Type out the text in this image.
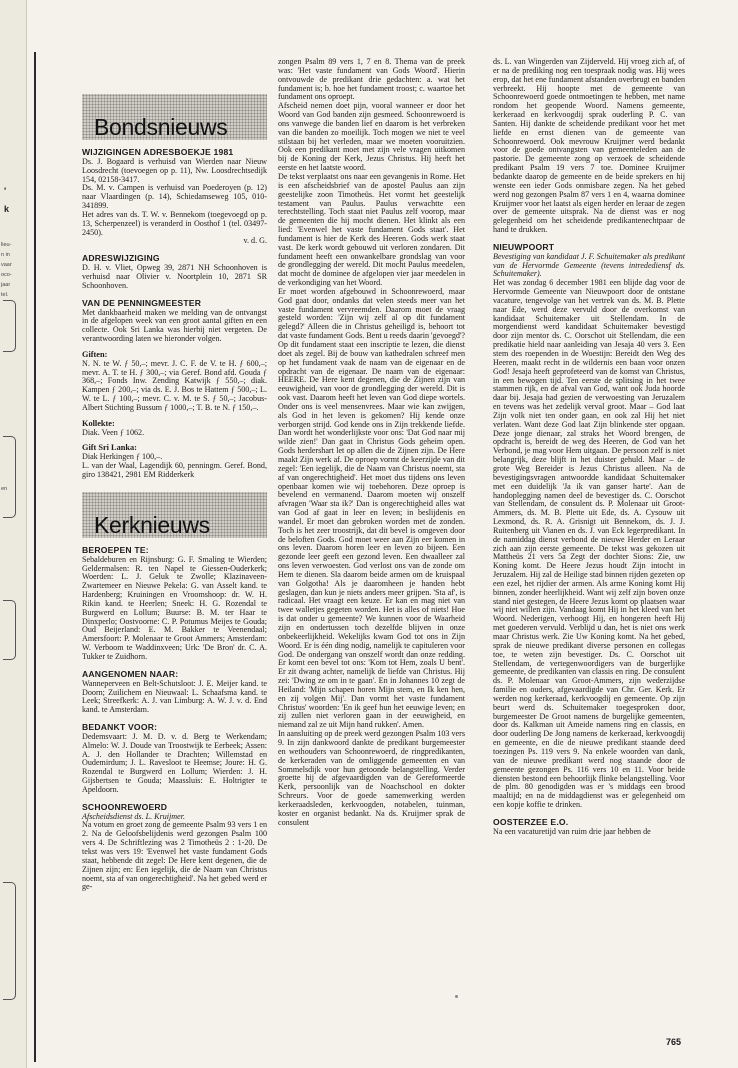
'
k
lieu-
n in
vaar
oco-
jaar
tel.
en
Bondsnieuws
WIJZIGINGEN ADRESBOEKJE 1981

Ds. J. Bogaard is verhuisd van Wierden naar Nieuw Loosdrecht (toevoegen op p. 11), Nw. Loosdrechtsedijk 154, 02158-3417.

Ds. M. v. Campen is verhuisd van Poederoyen (p. 12) naar Vlaardingen (p. 14), Schiedamseweg 105, 010-341899.

Het adres van ds. T. W. v. Bennekom (toegevoegd op p. 13, Scherpenzeel) is veranderd in Oosthof 1 (tel. 03497-2450).

v. d. G.

ADRESWIJZIGING

D. H. v. Vliet, Opweg 39, 2871 NH Schoonhoven is verhuisd naar Olivier v. Noortplein 10, 2871 SR Schoonhoven.

VAN DE PENNINGMEESTER

Met dankbaarheid maken we melding van de ontvangst in de afgelopen week van een groot aantal giften en een collecte. Ook Sri Lanka was hierbij niet vergeten. De verantwoording laten we hieronder volgen.

Giften:

N. N. te W. ƒ 50,–; mevr. J. C. F. de V. te H. ƒ 600,–; mevr. A. T. te H. ƒ 300,–; via Geref. Bond afd. Gouda ƒ 368,–; Fonds Inw. Zending Katwijk ƒ 550,–; diak. Kampen ƒ 200,–; via ds. E. J. Bos te Hattem ƒ 500,–; L. W. te L. ƒ 100,–; mevr. C. v. M. te S. ƒ 50,–; Jacobus-Albert Stichting Bussum ƒ 1000,–; T. B. te N. ƒ 150,–.

Kollekte:

Diak. Veen ƒ 1062.

Gift Sri Lanka:

Diak Herkingen ƒ 100,–.

L. van der Waal, Lagendijk 60, penningm. Geref. Bond, giro 138421, 2981 EM Ridderkerk

Kerknieuws
BEROEPEN TE:

Sebaldeburen en Rijnsburg: G. F. Smaling te Wierden; Geldermalsen: R. ten Napel te Giessen-Ouderkerk; Woerden: L. J. Geluk te Zwolle; Klazinaveen-Zwartemeer en Nieuwe Pekela: G. van Asselt kand. te Hardenberg; Kruiningen en Vroomshoop: dr. W. H. Rikin kand. te Heerlen; Sneek: H. G. Rozendal te Burgwerd en Lollum; Buurse: B. M. ter Haar te Dinxperlo; Oostvoorne: C. P. Potumus Meijes te Gouda; Oud Beijerland: E. M. Bakker te Veenendaal; Amersfoort: P. Molenaar te Groot Ammers; Amsterdam: W. Verboom te Waddinxveen; Urk: 'De Bron' dr. C. A. Tukker te Zuidhorn.

AANGENOMEN NAAR:

Wanneperveen en Belt-Schutsloot: J. E. Meijer kand. te Doorn; Zuilichem en Nieuwaal: L. Schaafsma kand. te Leek; Streefkerk: A. J. van Limburg: A. W. J. v. d. End kand. te Amsterdam.

BEDANKT VOOR:

Dedemsvaart: J. M. D. v. d. Berg te Werkendam; Almelo: W. J. Doude van Troostwijk te Eerbeek; Assen: A. J. den Hollander te Drachten; Willemstad en Oudemirdum; J. L. Ravesloot te Heemse; Joure: H. G. Rozendal te Burgwerd en Lollum; Wierden: J. H. Gijsbertsen te Gouda; Maassluis: E. Holtrigter te Apeldoorn.

SCHOONREWOERD

Afscheidsdienst ds. L. Kruijmer.

Na votum en groet zong de gemeente Psalm 93 vers 1 en 2. Na de Geloofsbelijdenis werd gezongen Psalm 100 vers 4. De Schriftlezing was 2 Timotheüs 2 : 1-20. De tekst was vers 19: 'Evenwel het vaste fundament Gods staat, hebbende dit zegel: De Here kent degenen, die de Zijnen zijn; en: Een iegelijk, die de Naam van Christus noemt, sta af van ongerechtigheid'. Na het gebed werd er ge-

zongen Psalm 89 vers 1, 7 en 8. Thema van de preek was: 'Het vaste fundament van Gods Woord'. Hierin ontvouwde de predikant drie gedachten: a. wat het fundament is; b. hoe het fundament troost; c. waartoe het fundament ons oproept.

Afscheid nemen doet pijn, vooral wanneer er door het Woord van God banden zijn gesmeed. Schoonrewoerd is ons vanwege die banden lief en daarom is het verbreken van die banden zo moeilijk. Toch mogen we niet te veel stilstaan bij het verleden, maar we moeten vooruitzien. Ook een predikant moet met zijn vele vragen uitkomen bij de Koning der Kerk, Jezus Christus. Hij heeft het eerste en het laatste woord.

De tekst verplaatst ons naar een gevangenis in Rome. Het is een afscheidsbrief van de apostel Paulus aan zijn geestelijke zoon Timotheüs. Het vormt het geestelijk testament van Paulus. Paulus verwachtte een terechtstelling. Toch staat niet Paulus zelf voorop, maar de gemeenten die hij mocht dienen. Het klinkt als een lied: 'Evenwel het vaste fundament Gods staat'. Het fundament is hier de Kerk des Heeren. Gods werk staat vast. De kerk wordt gebouwd uit verloren zondaren. Dit fundament heeft een onwankelbare grondslag van voor de grondlegging der wereld. Dit mocht Paulus meedelen, dat mocht de dominee de afgelopen vier jaar meedelen in de verkondiging van het Woord.

Er moet worden afgebouwd in Schoonrewoerd, maar God gaat door, ondanks dat velen steeds meer van het vaste fundament vervreemden. Daarom moet de vraag gesteld worden: 'Zijn wij zelf al op dit fundament gelegd?' Alleen die in Christus geheiligd is, behoort tot dat vaste fundament Gods. Bent u reeds daarin 'gevoegd'? Op dit fundament staat een inscriptie te lezen, die dienst doet als zegel. Bij de bouw van kathedralen schreef men op het fundament vaak de naam van de eigenaar en de opdracht van de eigenaar. De naam van de eigenaar: HEERE. De Here kent degenen, die de Zijnen zijn van eeuwigheid, van voor de grondlegging der wereld. Dit is ook vast. Daarom heeft het leven van God diepe wortels. Onder ons is veel mensenvrees. Maar wie kan zwijgen, als God in het leven is gekomen? Hij kende onze verborgen strijd. God kende ons in Zijn trekkende liefde. Dan wordt het wonderlijkste voor ons: 'Dat God naar mij wilde zien!' Dan gaat in Christus Gods geheim open. Gods herdershart let op allen die de Zijnen zijn. De Here maakt Zijn werk af. De oproep vormt de keerzijde van dit zegel: 'Een iegelijk, die de Naam van Christus noemt, sta af van ongerechtigheid'. Het moet dus tijdens ons leven openbaar komen wie wij toebehoren. Deze oproep is bevelend en vermanend. Daarom moeten wij onszelf afvragen 'Waar sta ik?' Dan is ongerechtigheid alles wat van God af gaat in leer en leven; in beslijdenis en wandel. Er moet dan gebroken worden met de zonden. Toch is het zeer troostrijk, dat dit bevel is omgeven door de beloften Gods. God moet weer aan Zijn eer komen in ons leven. Daarom horen leer en leven zo bijeen. Een gezonde leer geeft een gezond leven. Een dwaalleer zal ons leven verwoesten. God verlost ons van de zonde om Hem te dienen. Sla daarom beide armen om de kruispaal van Golgotha! Als je daaromheen je handen hebt geslagen, dan kun je niets anders meer grijpen. 'Sta af', is radicaal. Het vraagt een keuze. Er kan en mag niet van twee walletjes gegeten worden. Het is alles of niets! Hoe is dat onder u gemeente? We kunnen voor de Waarheid zijn en ondertussen toch dezelfde blijven in onze onbekeerlijkheid. Wekelijks kwam God tot ons in Zijn Woord. Er is één ding nodig, namelijk te capituleren voor God. De ondergang van onszelf wordt dan onze redding. Er komt een bevel tot ons: 'Kom tot Hem, zoals U bent'. Er zit dwang achter, namelijk de liefde van Christus. Hij zei: 'Dwing ze om in te gaan'. En in Johannes 10 zegt de Heiland: 'Mijn schapen horen Mijn stem, en Ik ken hen, en zij volgen Mij'. Dan vormt het vaste fundament Christus' woorden: 'En ik geef hun het eeuwige leven; en zij zullen niet verloren gaan in der eeuwigheid, en niemand zal ze uit Mijn hand rukken'. Amen.

In aansluiting op de preek werd gezongen Psalm 103 vers 9. In zijn dankwoord dankte de predikant burgemeester en wethouders van Schoonrewoerd, de ringpredikanten, de kerkeraden van de omliggende gemeenten en van Sommelsdijk voor hun getoonde belangstelling. Verder groette hij de afgevaardigden van de Gereformeerde Kerk, persoonlijk van de Noachschool en dokter Schreurs. Voor de goede samenwerking werden kerkeraadsleden, kerkvoogden, notabelen, tuinman, koster en organist bedankt. Na ds. Kruijmer sprak de consulent

ds. L. van Wingerden van Zijderveld. Hij vroeg zich af, of er na de prediking nog een toespraak nodig was. Hij wees erop, dat het ene fundament afstanden overbrugt en banden verbreekt. Hij hoopte met de gemeente van Schoonrewoerd goede ontmoetingen te hebben, met name rondom het geopende Woord. Namens gemeente, kerkeraad en kerkvoogdij sprak ouderling P. C. van Santen. Hij dankte de scheidende predikant voor het met liefde en ernst dienen van de gemeente van Schoonrewoerd. Ook mevrouw Kruijmer werd bedankt voor de goede ontvangsten van gemeenteleden aan de pastorie. De gemeente zong op verzoek de scheidende predikant Psalm 19 vers 7 toe. Dominee Kruijmer bedankte daarop de gemeente en de beide sprekers en hij wenste een ieder Gods onmisbare zegen. Na het gebed werd nog gezongen Psalm 87 vers 1 en 4, waarna dominee Kruijmer voor het laatst als eigen herder en leraar de zegen over de gemeente uitsprak. Na de dienst was er nog gelegenheid om het scheidende predikantenechtpaar de hand te drukken.

NIEUWPOORT

Bevestiging van kandidaat J. F. Schuitemaker als predikant van de Hervormde Gemeente (tevens intredediensf ds. Schuitemaker).

Het was zondag 6 december 1981 een blijde dag voor de Hervormde Gemeente van Nieuwpoort door de ontstane vacature, tengevolge van het vertrek van ds. M. B. Plette naar Ede, werd deze vervuld door de overkomst van kandidaat Schuitemaker uit Stellendam. In de morgendienst werd kandidaat Schuitemaker bevestigd door zijn mentor ds. C. Oorschot uit Stellendam, die een predikatie hield naar aanleiding van Jesaja 40 vers 3. Een stem des roependen in de Woestijn: Bereidt den Weg des Heeren, maakt recht in de wildernis een baan voor onzen God! Jesaja heeft geprofeteerd van de komst van Christus, in een bewogen tijd. Ten eerste de splitsing in het twee stammen rijk, en de afval van God, want ook Juda hoorde daar bij. Jesaja had gezien de verwoesting van Jeruzalem en tevens was het zedelijk verval groot. Maar – God laat Zijn volk niet ten onder gaan, en ook zal Hij het niet verlaten. Want deze God laat Zijn blinkende ster opgaan. Deze jonge dienaar, zal straks het Woord brengen, de opdracht is, bereidt de weg des Heeren, de God van het Verbond, je mag voor Hem uitgaan. De persoon zelf is niet belangrijk, deze blijft in het duister gehuld. Maar – de grote Weg Bereider is Jezus Christus alleen. Na de bevestigingsvragen antwoordde kandidaat Schuitemaker met een duidelijk 'Ja ik van ganser harte'. Aan de handoplegging namen deel de bevestiger ds. C. Oorschot van Stellendam, de consulent ds. P. Molenaar uit Groot-Ammers, ds. M. B. Plette uit Ede, ds. A. Cysouw uit Lexmond, ds. R. A. Grisnigt uit Bennekom, ds. J. J. Ruitenberg uit Vianen en ds. J. van Eck legerpredikant. In de namiddag dienst verbond de nieuwe Herder en Leraar zich aan zijn eerste gemeente. De tekst was gekozen uit Mattheüs 21 vers 5a Zegt der dochter Sions: Zie, uw Koning komt. De Heere Jezus houdt Zijn intocht in Jeruzalem. Hij zal de Heilige stad binnen rijden gezeten op een ezel, het rijdier der armen. Als arme Koning komt Hij binnen, zonder heerlijkheid. Want wij zelf zijn boven onze stand niet gestegen, de Heere Jezus komt op plaatsen waar wij niet willen zijn. Vandaag komt Hij in het kleed van het Woord. Nederigen, verhoogt Hij, en hongeren heeft Hij met goederen vervuld. Verblijd u dan, het is niet ons werk maar Christus werk. Zie Uw Koning komt. Na het gebed, sprak de nieuwe predikant diverse personen en collegas toe, te weten zijn bevestiger. Ds. C. Oorschot uit Stellendam, de vertegenwoordigers van de burgerlijke gemeente, de predikanten van classis en ring. De consulent ds. P. Molenaar van Groot-Ammers, zijn wederzijdse familie en ouders, afgevaardigde van Chr. Ger. Kerk. Er werden nog kerkeraad, kerkvoogdij en gemeente. Op zijn beurt werd ds. Schuitemaker toegesproken door, burgemeester De Groot namens de burgelijke gemeenten, door ds. Kalkman uit Ameide namens ring en classis, en door ouderling De Jong namens de kerkeraad, kerkvoogdij en gemeente, en die de nieuwe predikant staande deed toezingen Ps. 119 vers 9. Na enkele woorden van dank, van de nieuwe predikant werd nog staande door de gemeente gezongen Ps. 116 vers 10 en 11. Voor beide diensten bestond een behoorlijk flinke belangstelling. Voor de plm. 80 genodigden was er 's middags een brood maaltijd; en na de middagdienst was er gelegenheid om een kopje koffie te drinken.

OOSTERZEE E.O.

Na een vacaturetijd van ruim drie jaar hebben de

765
